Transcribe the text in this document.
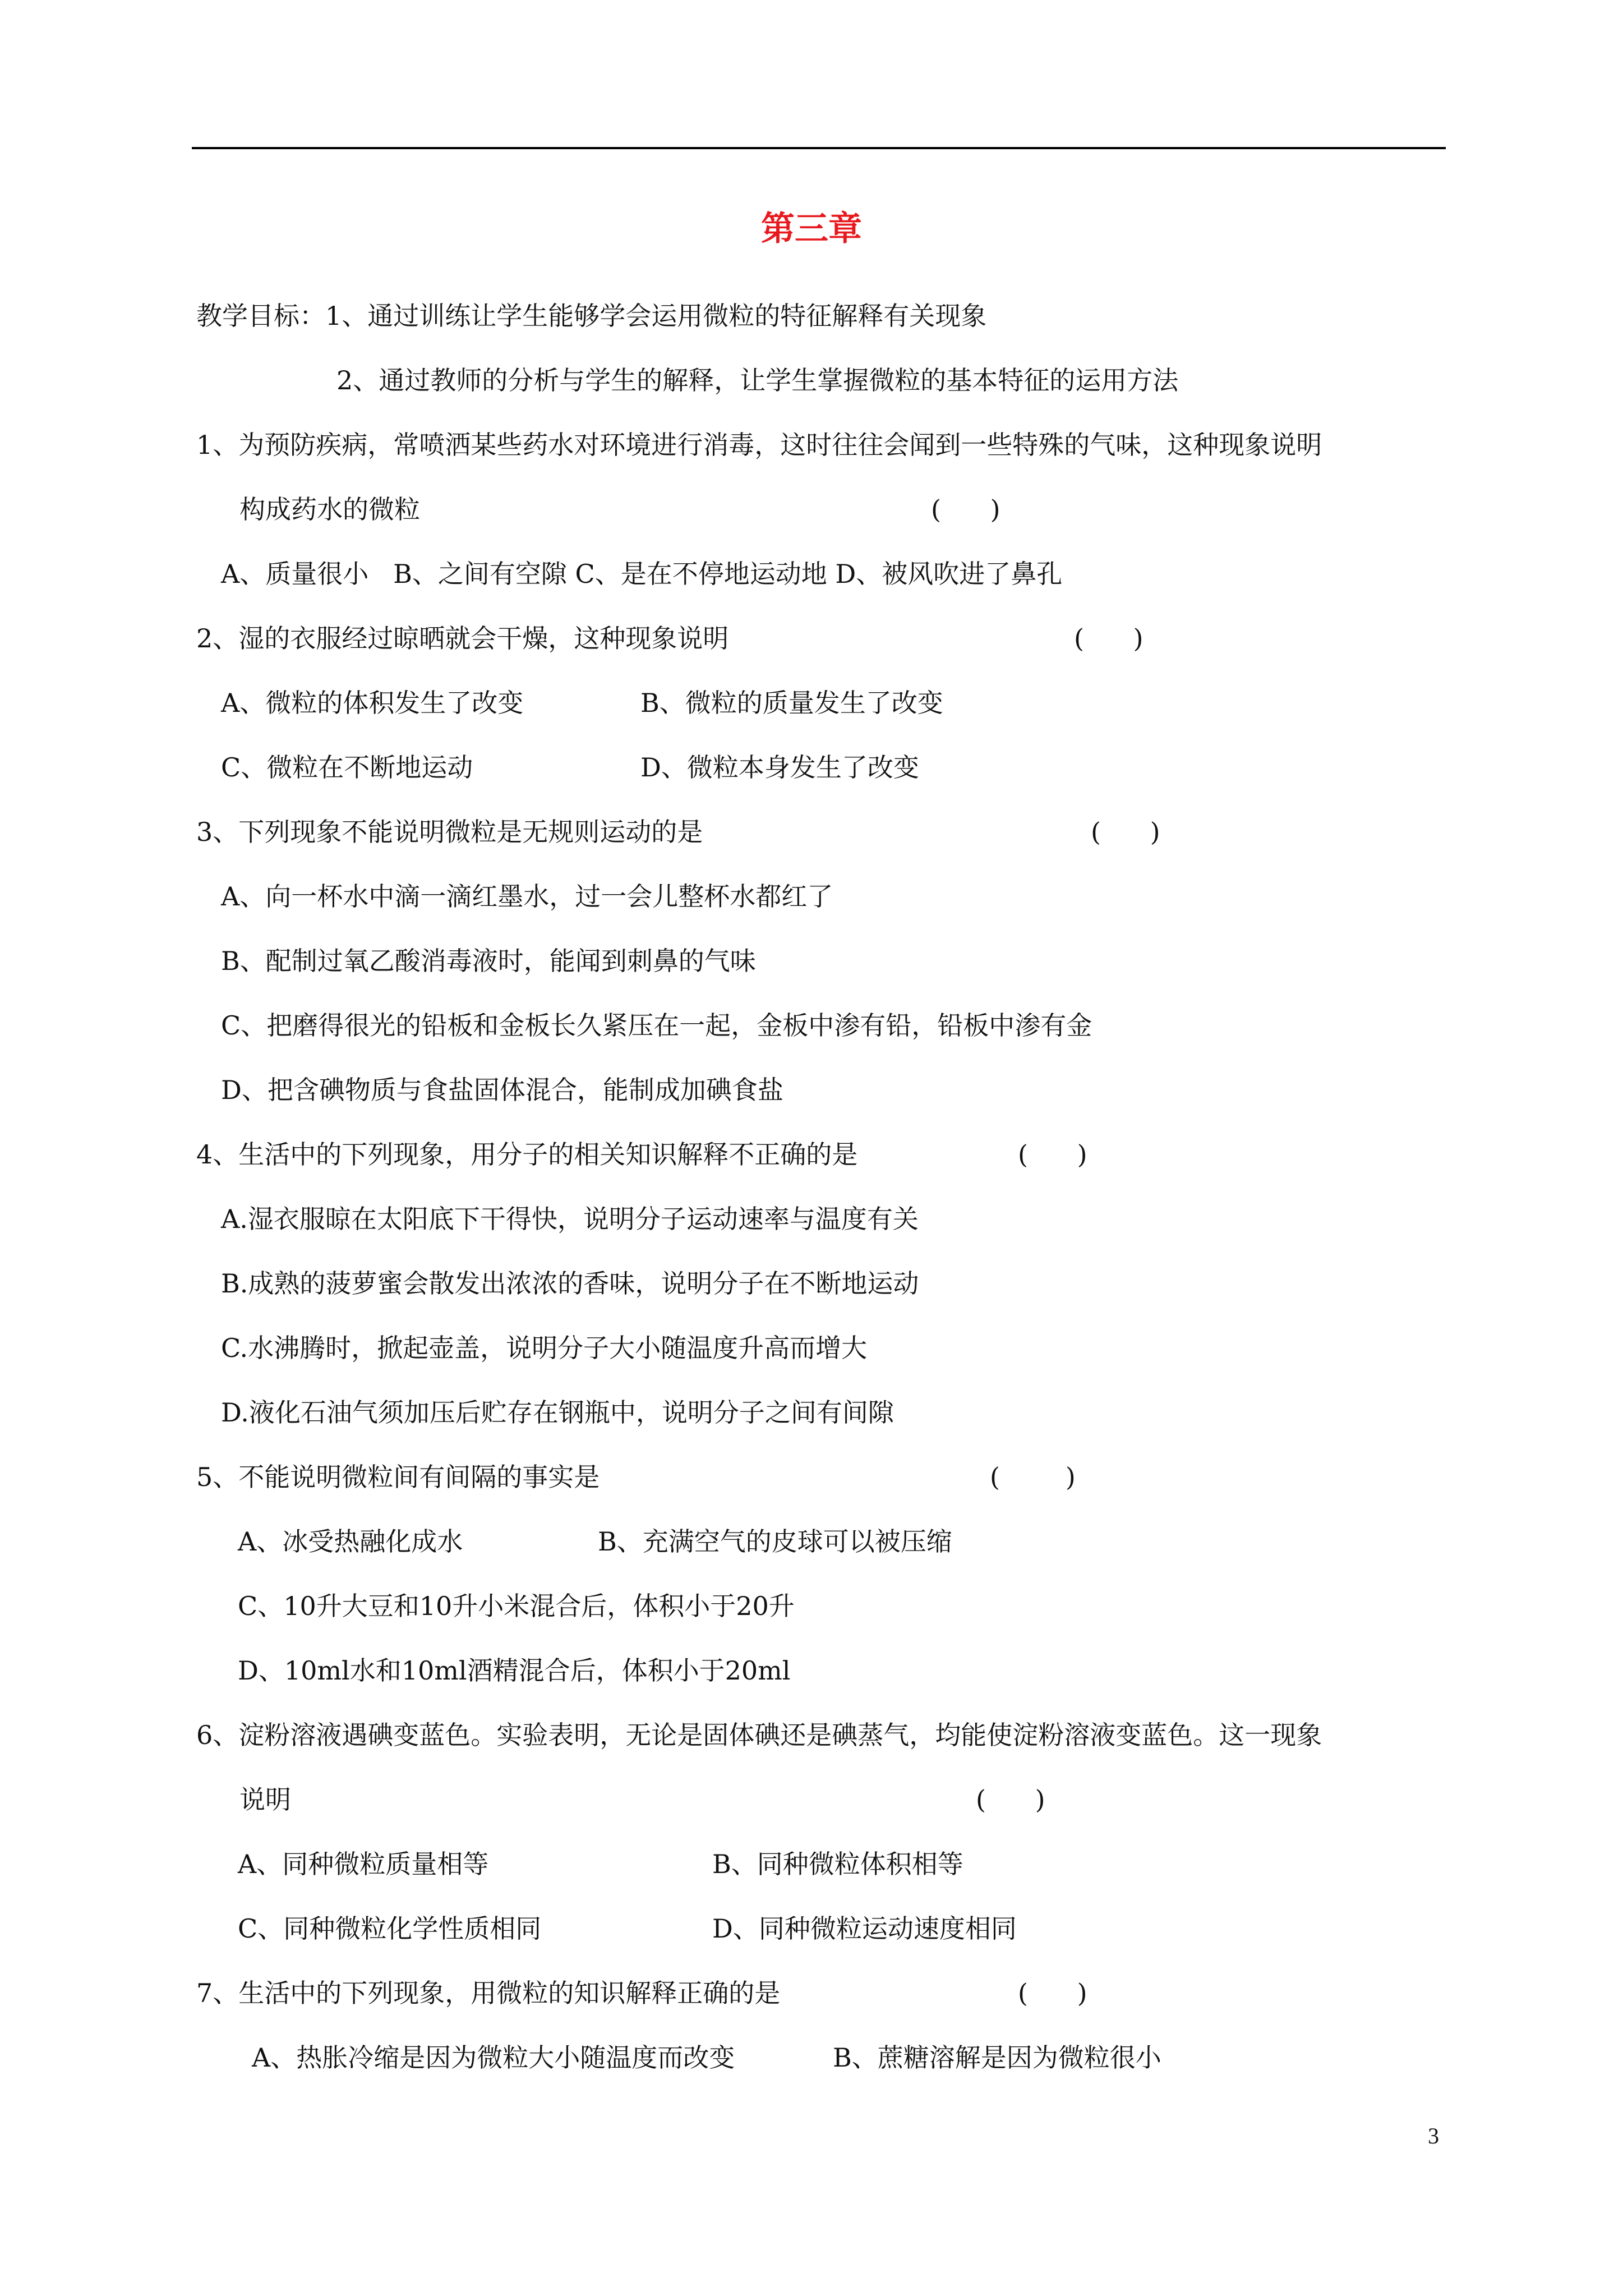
第三章
教学目标：1、通过训练让学生能够学会运用微粒的特征解释有关现象
2、通过教师的分析与学生的解释，让学生掌握微粒的基本特征的运用方法
1、为预防疾病，常喷洒某些药水对环境进行消毒，这时往往会闻到一些特殊的气味，这种现象说明
构成药水的微粒	(      )
A、质量很小   B、之间有空隙 C、是在不停地运动地 D、被风吹进了鼻孔
2、湿的衣服经过晾晒就会干燥，这种现象说明	(      )
A、微粒的体积发生了改变	B、微粒的质量发生了改变
C、微粒在不断地运动	D、微粒本身发生了改变
3、下列现象不能说明微粒是无规则运动的是	(      )
A、向一杯水中滴一滴红墨水，过一会儿整杯水都红了
B、配制过氧乙酸消毒液时，能闻到刺鼻的气味
C、把磨得很光的铅板和金板长久紧压在一起，金板中渗有铅，铅板中渗有金
D、把含碘物质与食盐固体混合，能制成加碘食盐
4、生活中的下列现象，用分子的相关知识解释不正确的是	(      )
A.湿衣服晾在太阳底下干得快，说明分子运动速率与温度有关
B.成熟的菠萝蜜会散发出浓浓的香味，说明分子在不断地运动
C.水沸腾时，掀起壶盖，说明分子大小随温度升高而增大
D.液化石油气须加压后贮存在钢瓶中，说明分子之间有间隙
5、不能说明微粒间有间隔的事实是	(        )
A、冰受热融化成水	B、充满空气的皮球可以被压缩
C、10升大豆和10升小米混合后，体积小于20升
D、10ml水和10ml酒精混合后，体积小于20ml
6、淀粉溶液遇碘变蓝色。实验表明，无论是固体碘还是碘蒸气，均能使淀粉溶液变蓝色。这一现象
说明	(      )
A、同种微粒质量相等	B、同种微粒体积相等
C、同种微粒化学性质相同	D、同种微粒运动速度相同
7、生活中的下列现象，用微粒的知识解释正确的是	(      )
A、热胀冷缩是因为微粒大小随温度而改变	B、蔗糖溶解是因为微粒很小
3
